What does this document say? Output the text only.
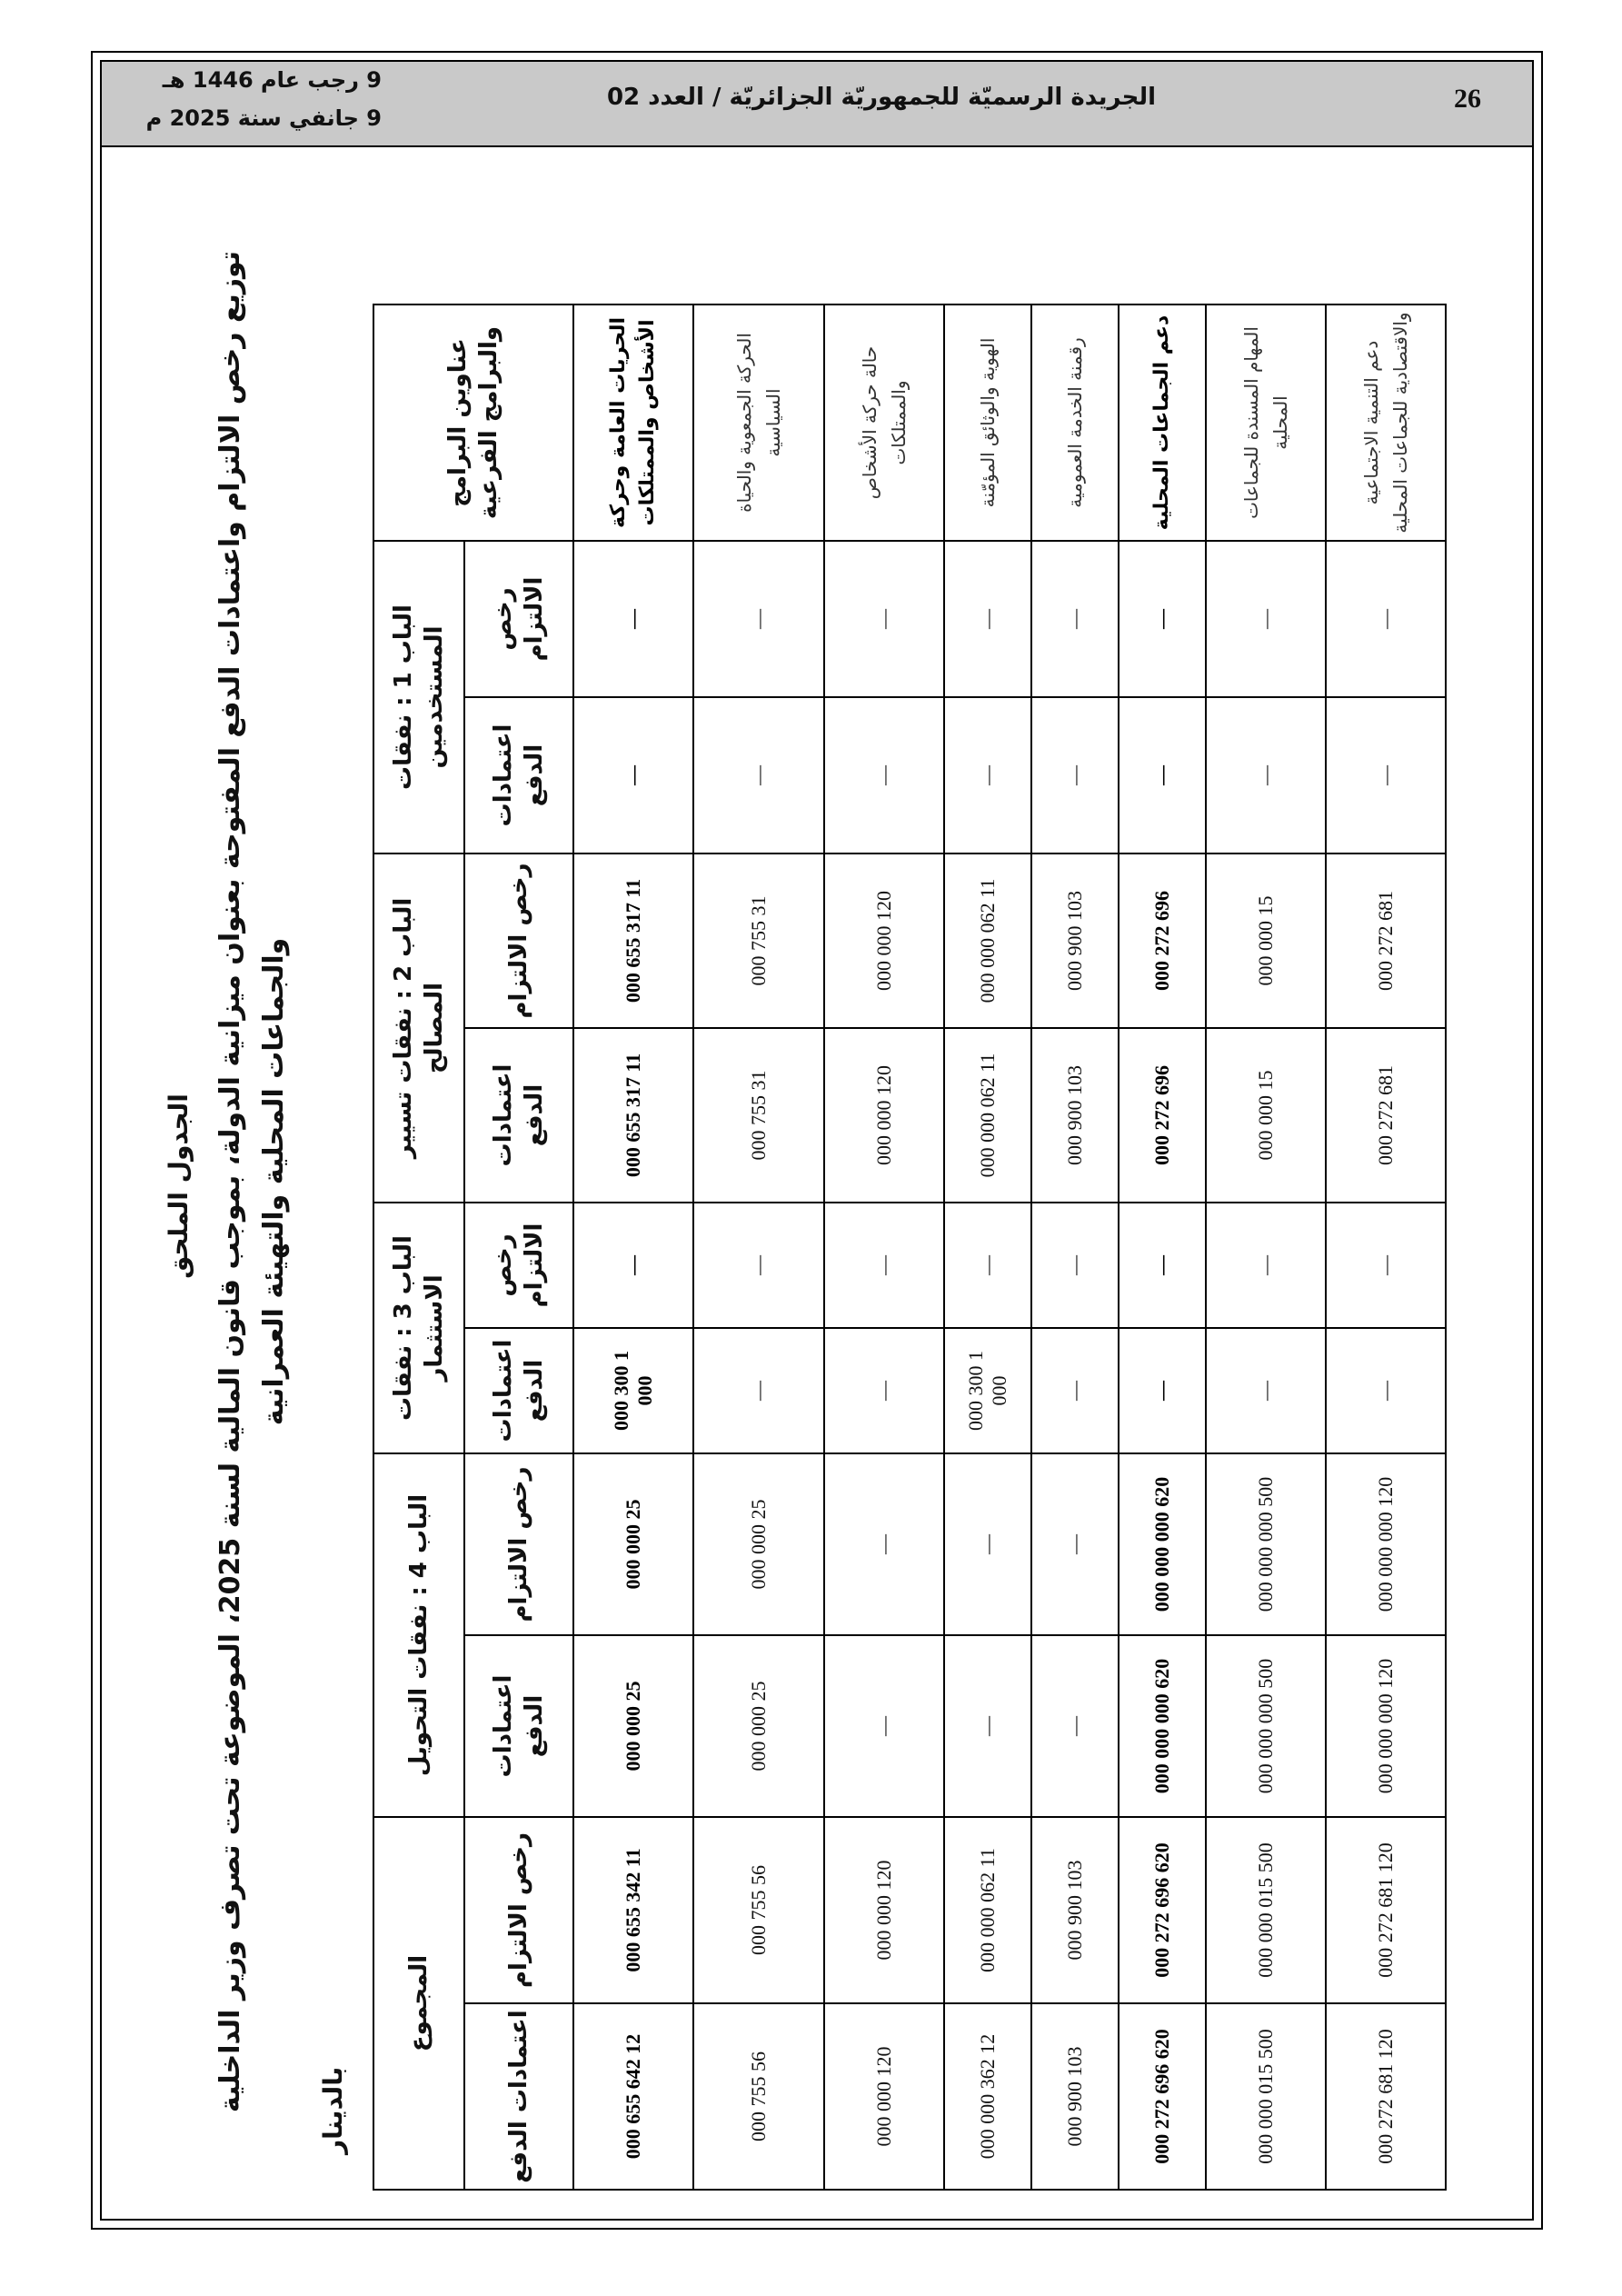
26
الجريدة الرسميّة للجمهوريّة الجزائريّة / العدد 02
9 رجب عام 1446 هـ
9 جانفي سنة 2025 م
الجدول الملحق
توزيع رخص الالتزام واعتمادات الدفع المفتوحة بعنوان ميزانية الدولة، بموجب قانون المالية لسنة 2025، الموضوعة تحت تصرف وزير الداخلية والجماعات المحلية والتهيئة العمرانية
بالدينار
عناوين البرامج والبرامج الفرعية	الباب 1 : نفقات المستخدمين		الباب 2 : نفقات تسيير المصالح		الباب 3 : نفقات الاستثمار		الباب 4 : نفقات التحويل		المجموع	
	رخص الالتزام	اعتمادات الدفع	رخص الالتزام	اعتمادات الدفع	رخص الالتزام	اعتمادات الدفع	رخص الالتزام	اعتمادات الدفع	رخص الالتزام	اعتمادات الدفع
الحريات العامة وحركة الأشخاص والممتلكات	—	—	11 317 655 000	11 317 655 000	—	1 300 000 000	25 000 000	25 000 000	11 342 655 000	12 642 655 000
الحركة الجمعوية والحياة السياسية	—	—	31 755 000	31 755 000	—	—	25 000 000	25 000 000	56 755 000	56 755 000
حالة حركة الأشخاص والممتلكات	—	—	120 000 000	120 000 000	—	—	—	—	120 000 000	120 000 000
الهوية والوثائق المؤمّنة	—	—	11 062 000 000	11 062 000 000	—	1 300 000 000	—	—	11 062 000 000	12 362 000 000
رقمنة الخدمة العمومية	—	—	103 900 000	103 900 000	—	—	—	—	103 900 000	103 900 000
دعم الجماعات المحلية	—	—	696 272 000	696 272 000	—	—	620 000 000 000	620 000 000 000	620 696 272 000	620 696 272 000
المهام المسندة للجماعات المحلية	—	—	15 000 000	15 000 000	—	—	500 000 000 000	500 000 000 000	500 015 000 000	500 015 000 000
دعم التنمية الاجتماعية والاقتصادية للجماعات المحلية	—	—	681 272 000	681 272 000	—	—	120 000 000 000	120 000 000 000	120 681 272 000	120 681 272 000
